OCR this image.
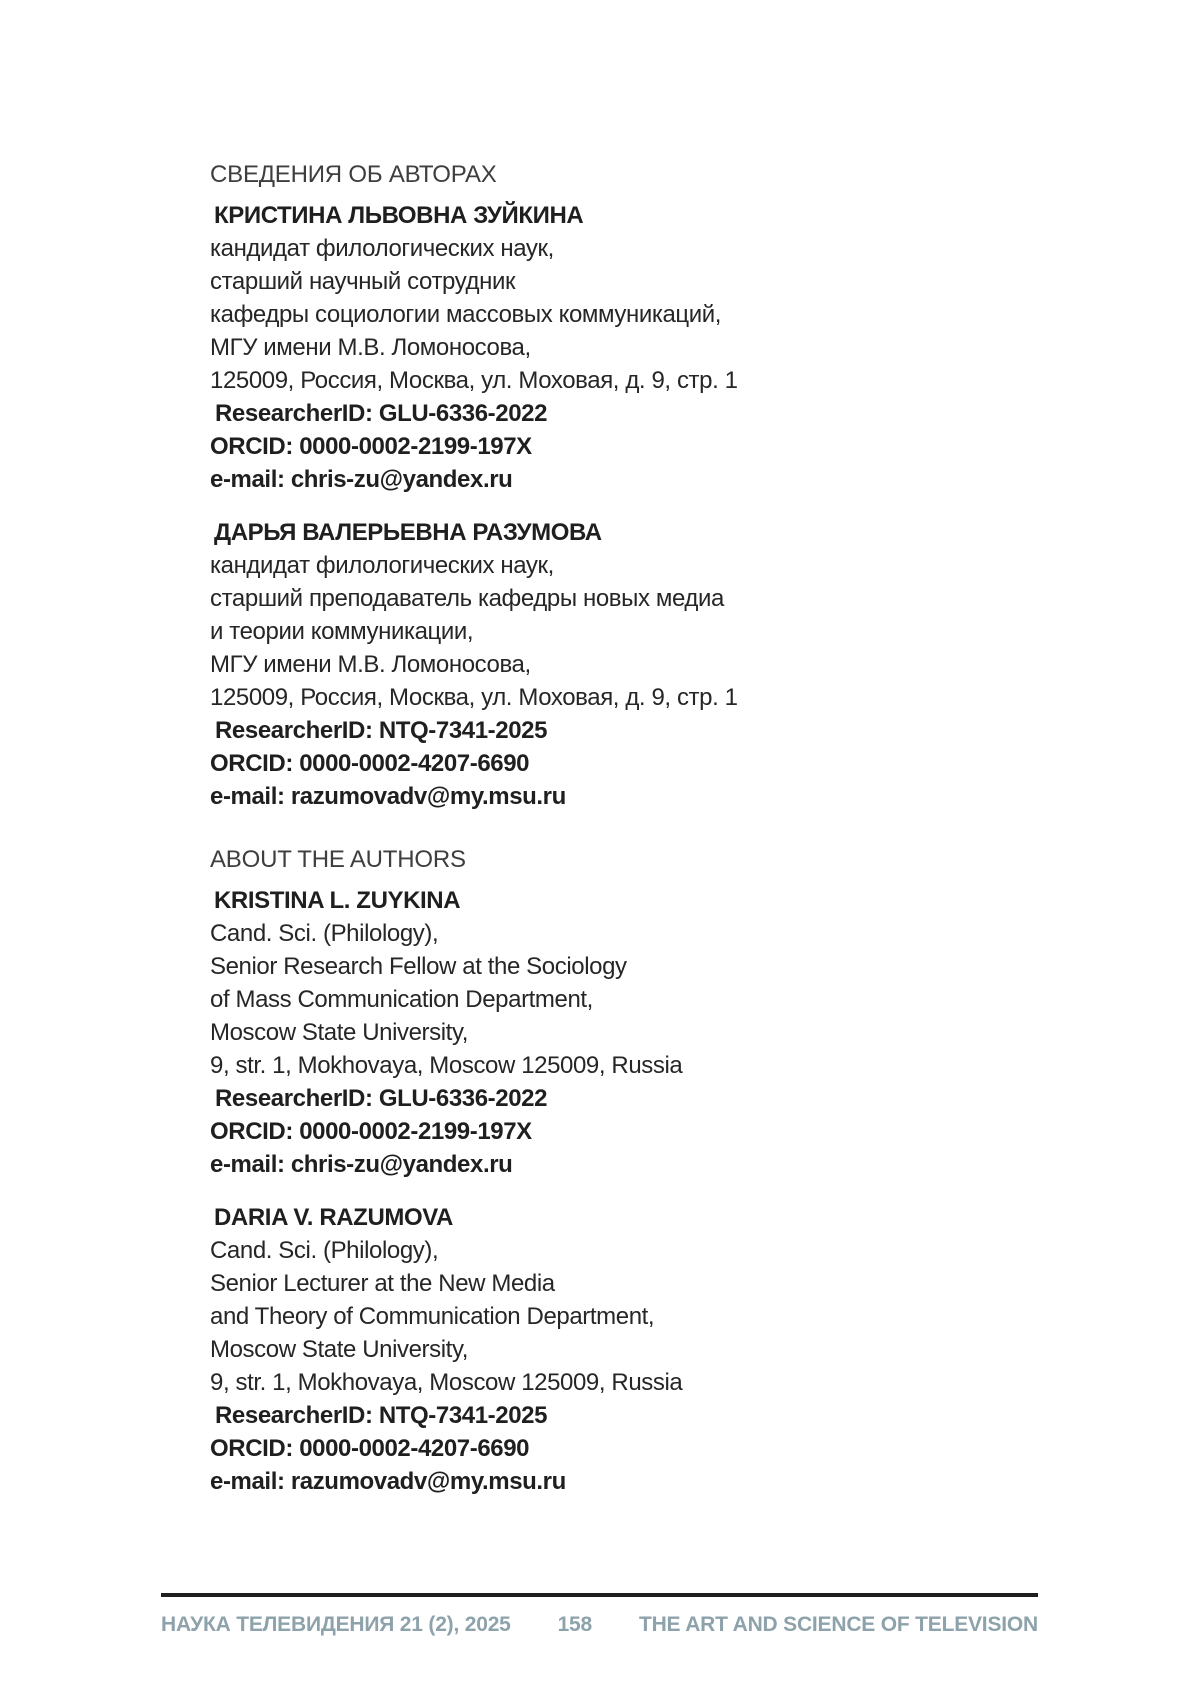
СВЕДЕНИЯ ОБ АВТОРАХ

КРИСТИНА ЛЬВОВНА ЗУЙКИНА

кандидат филологических наук,

старший научный сотрудник

кафедры социологии массовых коммуникаций,

МГУ имени М.В. Ломоносова,

125009, Россия, Москва, ул. Моховая, д. 9, стр. 1

ResearcherID: GLU-6336-2022

ORCID: 0000-0002-2199-197X

e-mail: chris-zu@yandex.ru

ДАРЬЯ ВАЛЕРЬЕВНА РАЗУМОВА

кандидат филологических наук,

старший преподаватель кафедры новых медиа

и теории коммуникации,

МГУ имени М.В. Ломоносова,

125009, Россия, Москва, ул. Моховая, д. 9, стр. 1

ResearcherID: NTQ-7341-2025

ORCID: 0000-0002-4207-6690

e-mail: razumovadv@my.msu.ru

ABOUT THE AUTHORS

KRISTINA L. ZUYKINA

Cand. Sci. (Philology),

Senior Research Fellow at the Sociology

of Mass Communication Department,

Moscow State University,

9, str. 1, Mokhovaya, Moscow 125009, Russia

ResearcherID: GLU-6336-2022

ORCID: 0000-0002-2199-197X

e-mail: chris-zu@yandex.ru

DARIA V. RAZUMOVA

Cand. Sci. (Philology),

Senior Lecturer at the New Media

and Theory of Communication Department,

Moscow State University,

9, str. 1, Mokhovaya, Moscow 125009, Russia

ResearcherID: NTQ-7341-2025

ORCID: 0000-0002-4207-6690

e-mail: razumovadv@my.msu.ru

НАУКА ТЕЛЕВИДЕНИЯ 21 (2), 2025 158 THE ART AND SCIENCE OF TELEVISION
